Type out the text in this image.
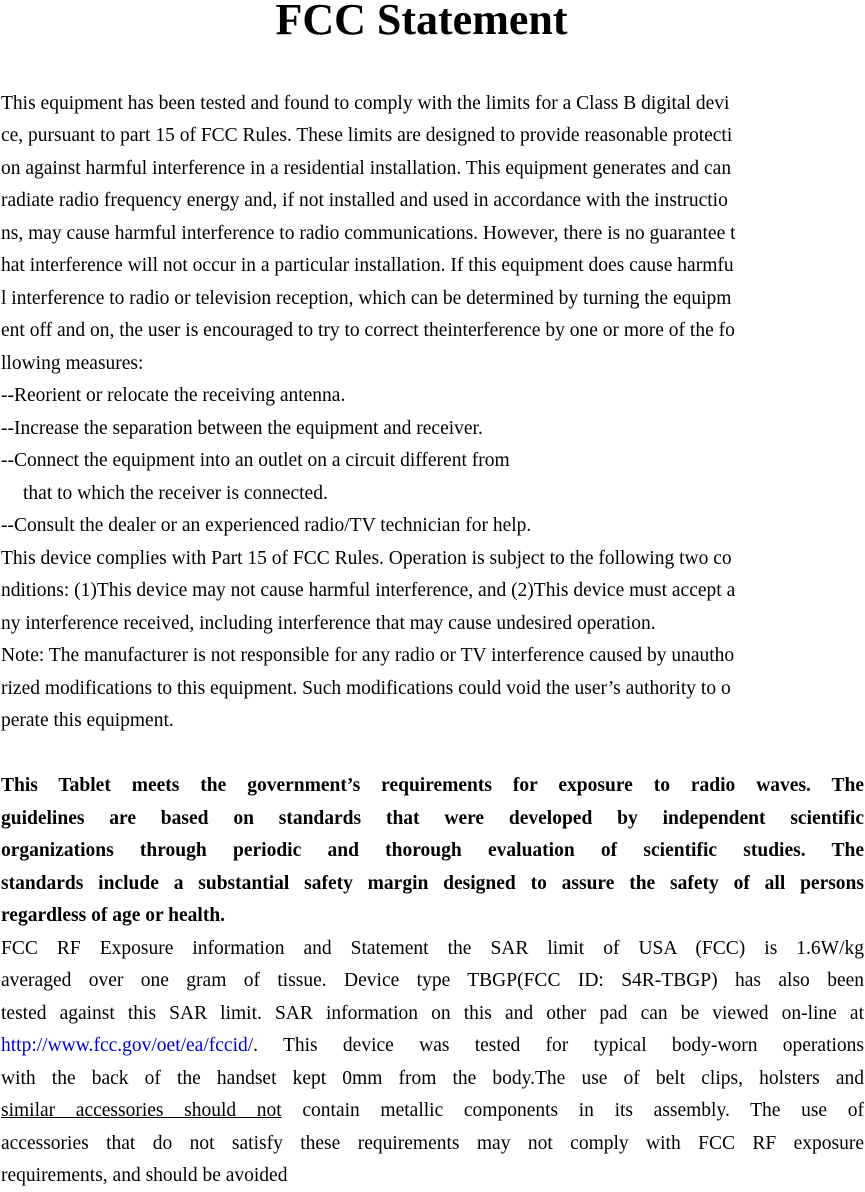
FCC Statement

This equipment has been tested and found to comply with the limits for a Class B digital devi

ce, pursuant to part 15 of FCC Rules. These limits are designed to provide reasonable protecti

on against harmful interference in a residential installation. This equipment generates and can

radiate radio frequency energy and, if not installed and used in accordance with the instructio

ns, may cause harmful interference to radio communications. However, there is no guarantee t

hat interference will not occur in a particular installation. If this equipment does cause harmfu

l interference to radio or television reception, which can be determined by turning the equipm

ent off and on, the user is encouraged to try to correct theinterference by one or more of the fo

llowing measures:

--Reorient or relocate the receiving antenna.

--Increase the separation between the equipment and receiver.

--Connect the equipment into an outlet on a circuit different from

that to which the receiver is connected.

--Consult the dealer or an experienced radio/TV technician for help.

This device complies with Part 15 of FCC Rules. Operation is subject to the following two co

nditions: (1)This device may not cause harmful interference, and (2)This device must accept a

ny interference received, including interference that may cause undesired operation.

Note: The manufacturer is not responsible for any radio or TV interference caused by unautho

rized modifications to this equipment. Such modifications could void the user’s authority to o

perate this equipment.

This Tablet meets the government’s requirements for exposure to radio waves. The

guidelines are based on standards that were developed by independent scientific

organizations through periodic and thorough evaluation of scientific studies. The

standards include a substantial safety margin designed to assure the safety of all persons

regardless of age or health.

FCC RF Exposure information and Statement the SAR limit of USA (FCC) is 1.6W/kg

averaged over one gram of tissue. Device type TBGP(FCC ID: S4R-TBGP) has also been

tested against this SAR limit. SAR information on this and other pad can be viewed on-line at

http://www.fcc.gov/oet/ea/fccid/. This device was tested for typical body-worn operations

with the back of the handset kept 0mm from the body.The use of belt clips, holsters and

similar accessories should not contain metallic components in its assembly. The use of

accessories that do not satisfy these requirements may not comply with FCC RF exposure

requirements, and should be avoided
